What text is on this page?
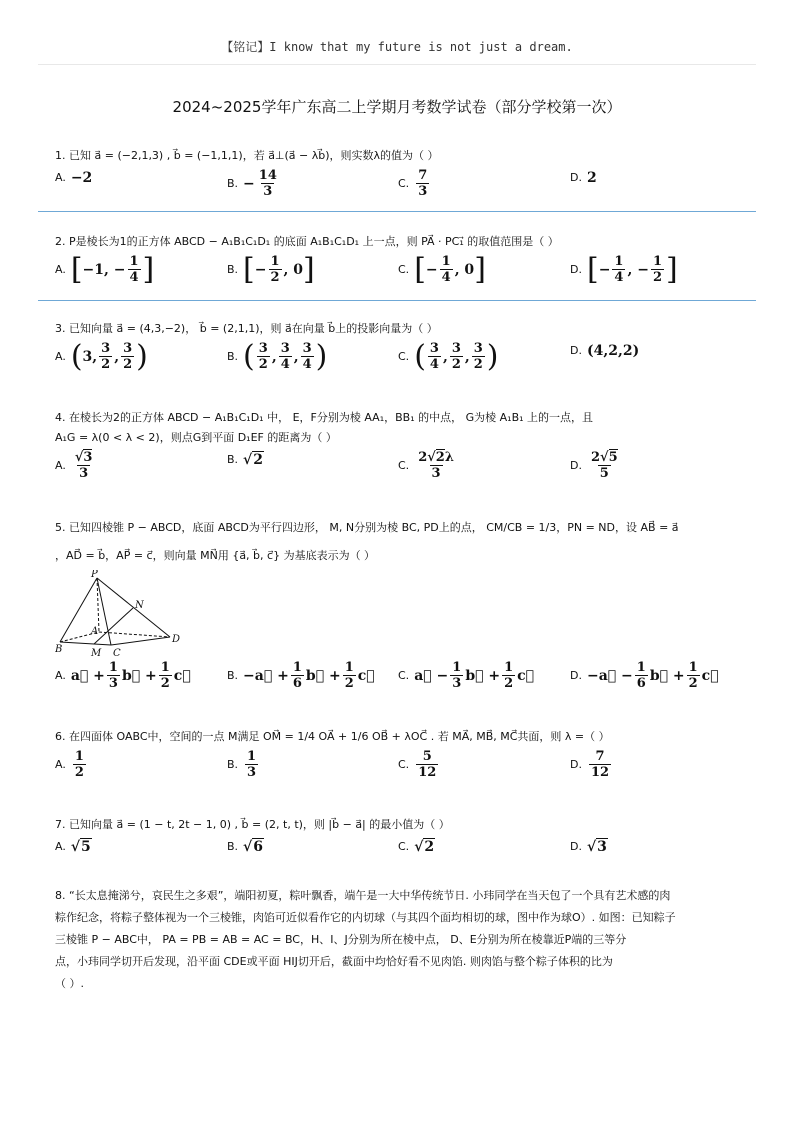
【铭记】I know that my future is not just a dream.
2024~2025学年广东高二上学期月考数学试卷（部分学校第一次）
1. 已知 a⃗ = (−2,1,3) , b⃗ = (−1,1,1)，若 a⃗⊥(a⃗ − λb⃗)，则实数λ的值为（ ）
A. −2	B. − $\frac{14}{3}$	C. $\frac{7}{3}$	D. 2
2. P是棱长为1的正方体 ABCD − A₁B₁C₁D₁ 的底面 A₁B₁C₁D₁ 上一点，则 PA⃗ · PC₁⃗ 的取值范围是（ ）
A. [ −1, − $\frac{1}{4}$ ]	B. [ − $\frac{1}{2}$ , 0 ]	C. [ − $\frac{1}{4}$ , 0 ]	D. [ − $\frac{1}{4}$ , − $\frac{1}{2}$ ]
3. 已知向量 a⃗ = (4,3,−2)， b⃗ = (2,1,1)，则 a⃗在向量 b⃗上的投影向量为（ ）
A. ( 3, $\frac{3}{2}$ , $\frac{3}{2}$ )	B. ( $\frac{3}{2}$ , $\frac{3}{4}$ , $\frac{3}{4}$ )	C. ( $\frac{3}{4}$ , $\frac{3}{2}$ , $\frac{3}{2}$ )	D. (4,2,2)
4. 在棱长为2的正方体 ABCD − A₁B₁C₁D₁ 中， E，F分别为棱 AA₁，BB₁ 的中点， G为棱 A₁B₁ 上的一点，且
A₁G = λ(0 < λ < 2)，则点G到平面 D₁EF 的距离为（ ）
A. $\frac{√3}{3}$	B. √2	C. $\frac{2√2\lambda}{3}$	D. $\frac{2√5}{5}$
5. 已知四棱锥 P − ABCD，底面 ABCD为平行四边形， M, N分别为棱 BC, PD上的点， CM/CB = 1/3，PN = ND，设 AB⃗ = a⃗
，AD⃗ = b⃗，AP⃗ = c⃗，则向量 MN⃗用 {a⃗, b⃗, c⃗} 为基底表示为（ ）
P
N
A
B	C
D
M
A. a⃗ + $\frac{1}{3}$ b⃗ + $\frac{1}{2}$ c⃗	B. −a⃗ + $\frac{1}{6}$ b⃗ + $\frac{1}{2}$ c⃗ C. a⃗ − $\frac{1}{3}$ b⃗ + $\frac{1}{2}$ c⃗	D. −a⃗ − $\frac{1}{6}$ b⃗ + $\frac{1}{2}$ c⃗
6. 在四面体 OABC中，空间的一点 M满足 OM⃗ = 1/4 OA⃗ + 1/6 OB⃗ + λOC⃗ . 若 MA⃗, MB⃗, MC⃗共面，则 λ =（ ）
A. $\frac{1}{2}$	B. $\frac{1}{3}$	C. $\frac{5}{12}$	D. $\frac{7}{12}$
7. 已知向量 a⃗ = (1 − t, 2t − 1, 0) , b⃗ = (2, t, t)，则 |b⃗ − a⃗| 的最小值为（ ）
A. √5	B. √6	C. √2	D. √3
8. “长太息掩涕兮，哀民生之多艰”，端阳初夏，粽叶飘香，端午是一大中华传统节日. 小玮同学在当天包了一个具有艺术感的肉
粽作纪念，将粽子整体视为一个三棱锥，肉馅可近似看作它的内切球（与其四个面均相切的球，图中作为球O）. 如图：已知粽子
三棱锥 P − ABC中， PA = PB = AB = AC = BC，H、I、J分别为所在棱中点， D、E分别为所在棱靠近P端的三等分
点，小玮同学切开后发现，沿平面 CDE或平面 HIJ切开后，截面中均恰好看不见肉馅. 则肉馅与整个粽子体积的比为
（ ）.
